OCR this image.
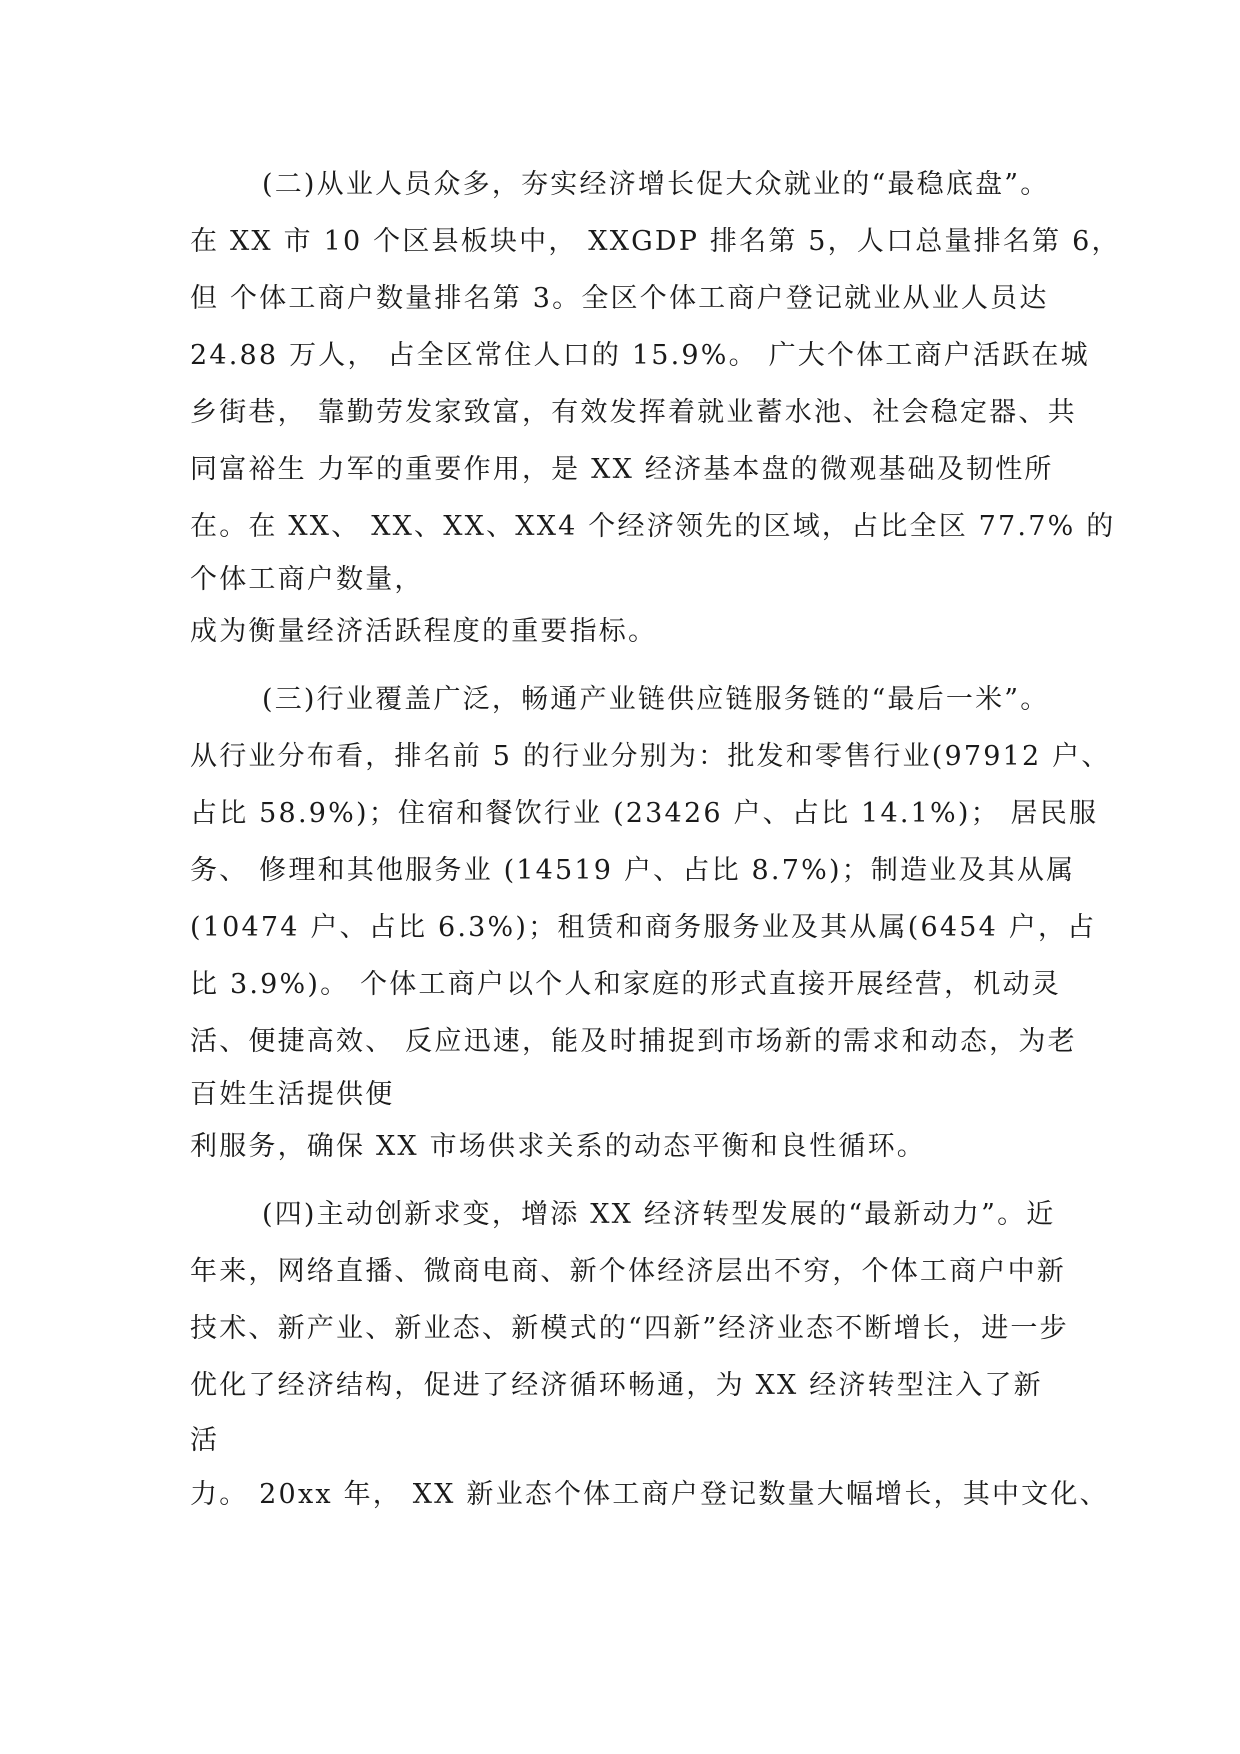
(二)从业人员众多，夯实经济增长促大众就业的“最稳底盘”。

在 XX 市 10 个区县板块中， XXGDP 排名第 5，人口总量排名第 6，

但 个体工商户数量排名第 3。全区个体工商户登记就业从业人员达

24.88 万人， 占全区常住人口的 15.9%。 广大个体工商户活跃在城

乡街巷， 靠勤劳发家致富，有效发挥着就业蓄水池、社会稳定器、共

同富裕生 力军的重要作用，是 XX 经济基本盘的微观基础及韧性所

在。在 XX、 XX、XX、XX4 个经济领先的区域，占比全区 77.7% 的

个体工商户数量，

成为衡量经济活跃程度的重要指标。

(三)行业覆盖广泛，畅通产业链供应链服务链的“最后一米”。

从行业分布看，排名前 5 的行业分别为：批发和零售行业(97912 户、

占比 58.9%)；住宿和餐饮行业 (23426 户、占比 14.1%)； 居民服

务、 修理和其他服务业 (14519 户、占比 8.7%)；制造业及其从属

(10474 户、占比 6.3%)；租赁和商务服务业及其从属(6454 户，占

比 3.9%)。 个体工商户以个人和家庭的形式直接开展经营，机动灵

活、便捷高效、 反应迅速，能及时捕捉到市场新的需求和动态，为老

百姓生活提供便

利服务，确保 XX 市场供求关系的动态平衡和良性循环。

(四)主动创新求变，增添 XX 经济转型发展的“最新动力”。近

年来，网络直播、微商电商、新个体经济层出不穷，个体工商户中新

技术、新产业、新业态、新模式的“四新”经济业态不断增长，进一步

优化了经济结构，促进了经济循环畅通，为 XX 经济转型注入了新

活

力。 20xx 年， XX 新业态个体工商户登记数量大幅增长，其中文化、
